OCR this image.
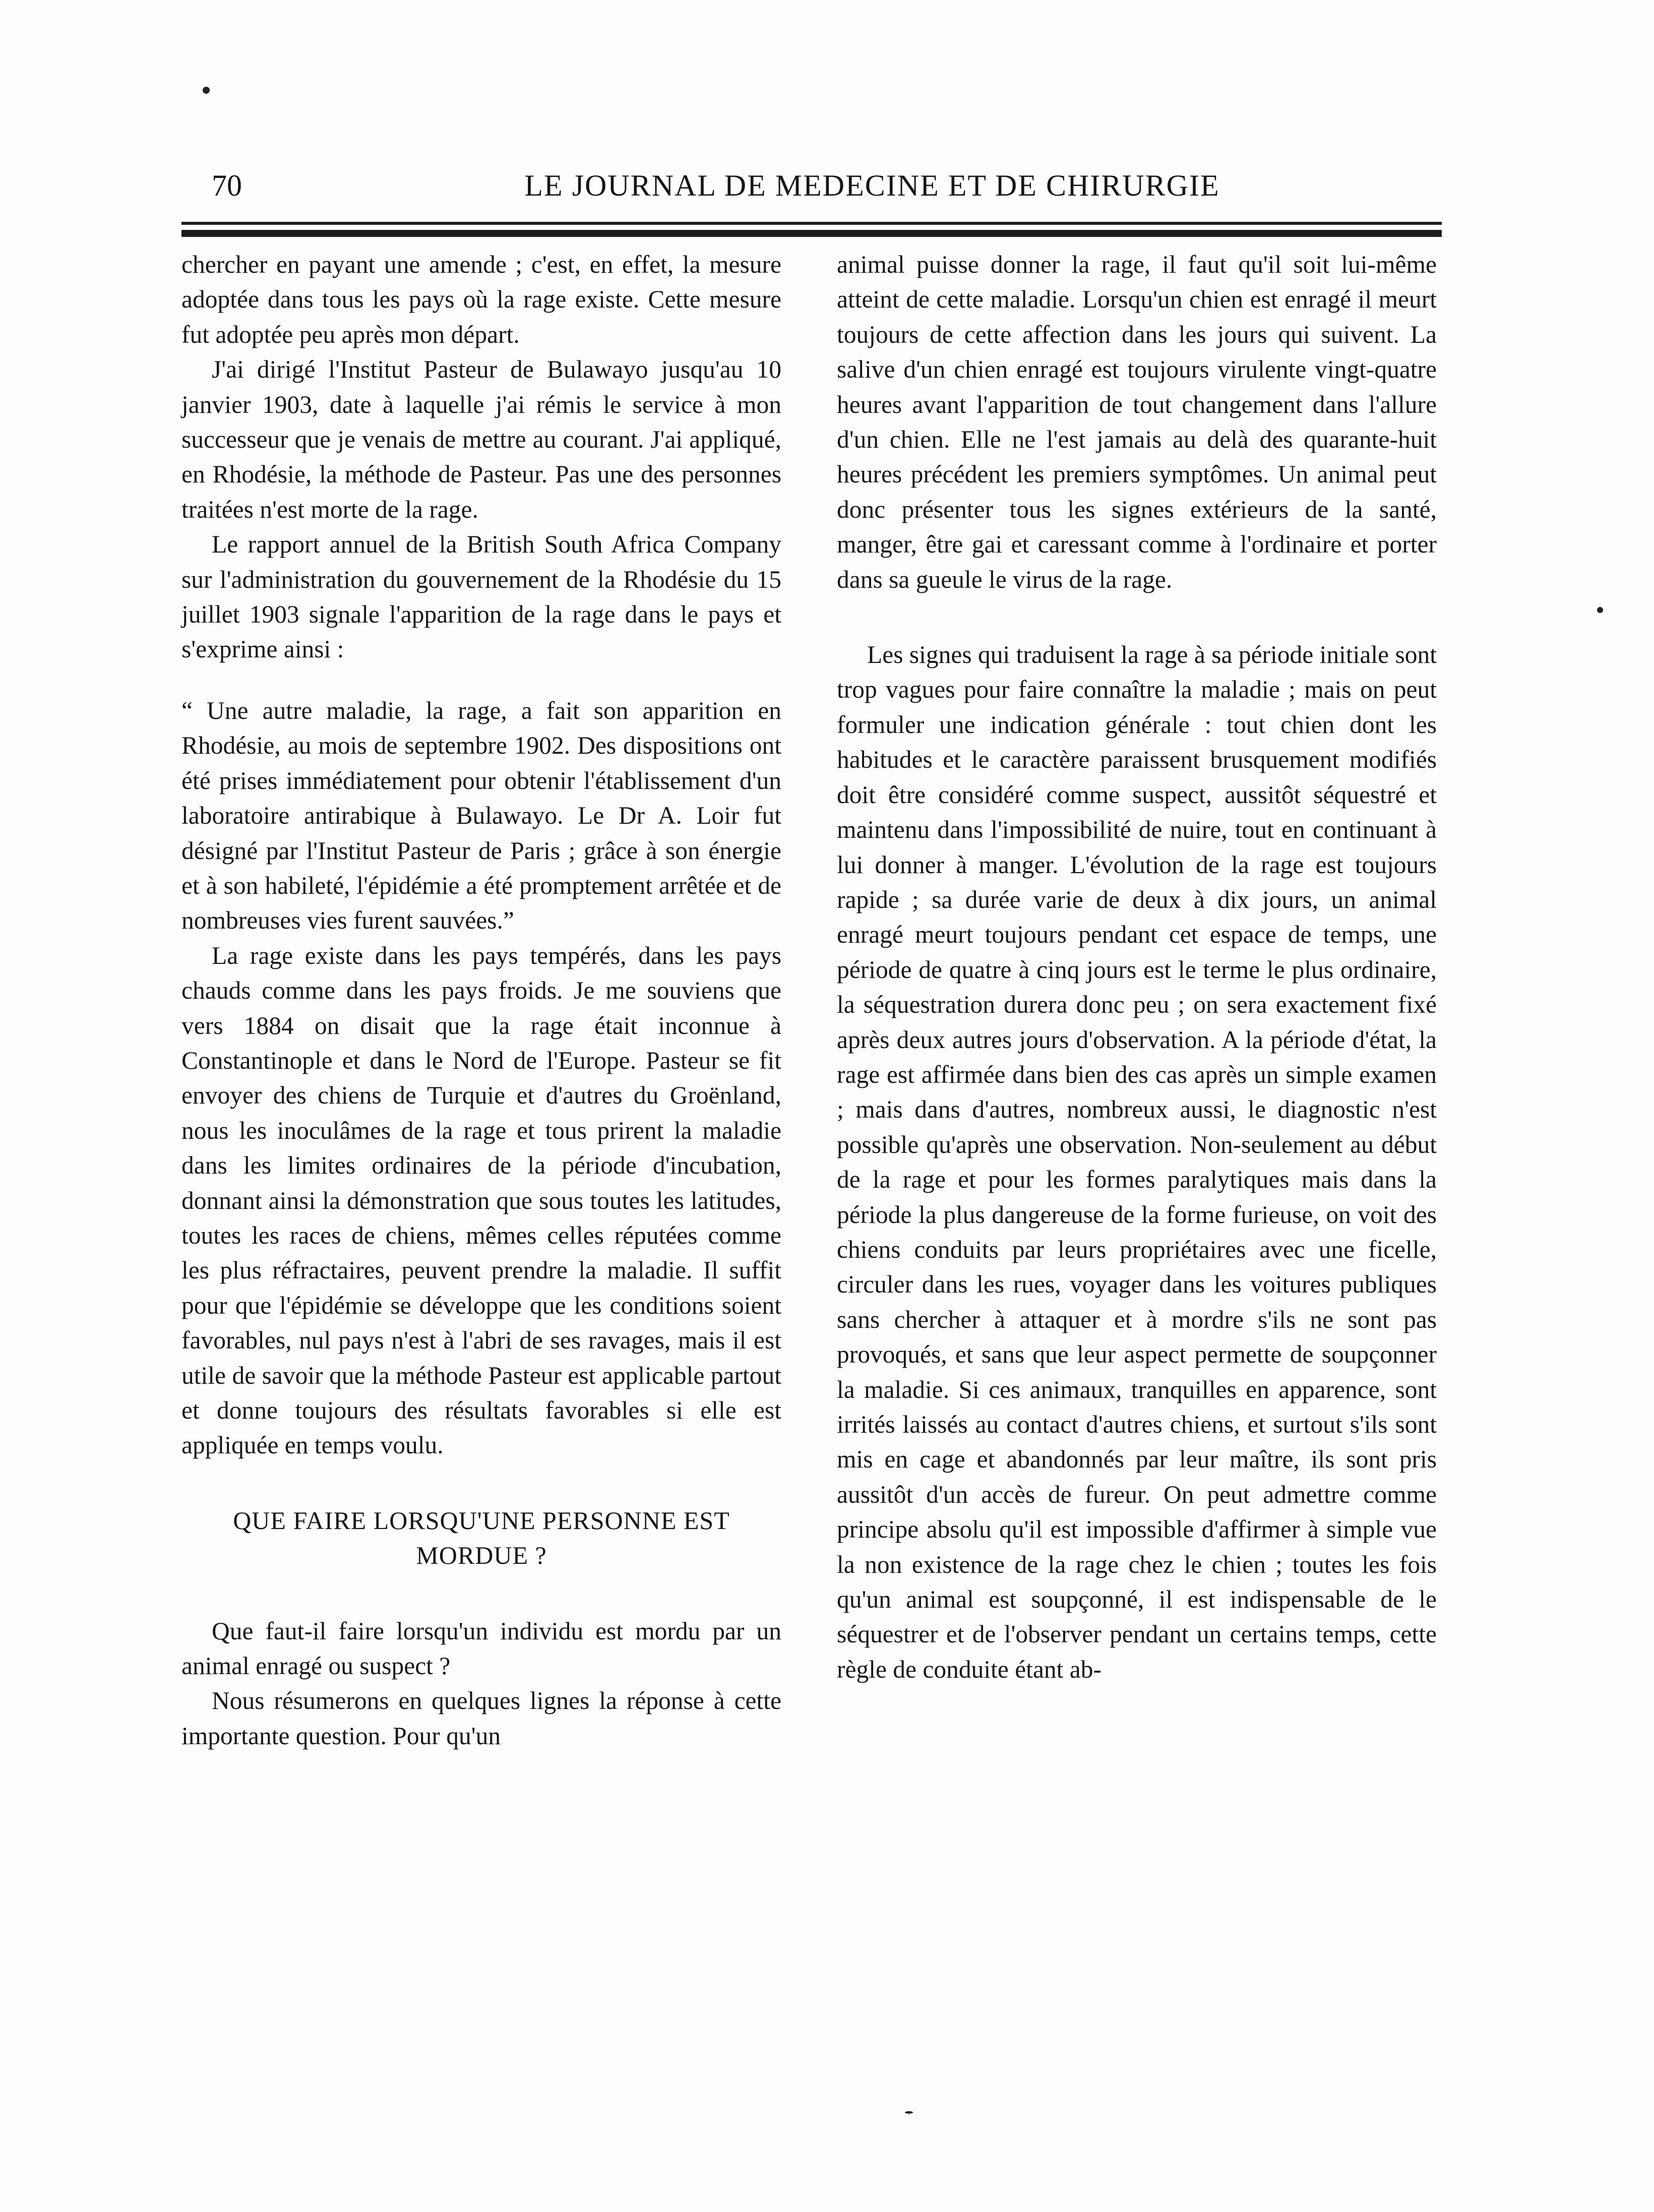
70	LE JOURNAL DE MEDECINE ET DE CHIRURGIE

chercher en payant une amende ; c'est, en effet, la mesure adoptée dans tous les pays où la rage existe. Cette mesure fut adoptée peu après mon départ.

J'ai dirigé l'Institut Pasteur de Bulawayo jusqu'au 10 janvier 1903, date à laquelle j'ai rémis le service à mon successeur que je venais de mettre au courant. J'ai appliqué, en Rhodésie, la méthode de Pasteur. Pas une des personnes traitées n'est morte de la rage.

Le rapport annuel de la British South Africa Company sur l'administration du gouvernement de la Rhodésie du 15 juillet 1903 signale l'apparition de la rage dans le pays et s'exprime ainsi :

“ Une autre maladie, la rage, a fait son apparition en Rhodésie, au mois de septembre 1902. Des dispositions ont été prises immédiatement pour obtenir l'établissement d'un laboratoire antirabique à Bulawayo. Le Dr A. Loir fut désigné par l'Institut Pasteur de Paris ; grâce à son énergie et à son habileté, l'épidémie a été promptement arrêtée et de nombreuses vies furent sauvées.”

La rage existe dans les pays tempérés, dans les pays chauds comme dans les pays froids. Je me souviens que vers 1884 on disait que la rage était inconnue à Constantinople et dans le Nord de l'Europe. Pasteur se fit envoyer des chiens de Turquie et d'autres du Groënland, nous les inoculâmes de la rage et tous prirent la maladie dans les limites ordinaires de la période d'incubation, donnant ainsi la démonstration que sous toutes les latitudes, toutes les races de chiens, mêmes celles réputées comme les plus réfractaires, peuvent prendre la maladie. Il suffit pour que l'épidémie se développe que les conditions soient favorables, nul pays n'est à l'abri de ses ravages, mais il est utile de savoir que la méthode Pasteur est applicable partout et donne toujours des résultats favorables si elle est appliquée en temps voulu.

QUE FAIRE LORSQU'UNE PERSONNE EST
MORDUE ?

Que faut-il faire lorsqu'un individu est mordu par un animal enragé ou suspect ?

Nous résumerons en quelques lignes la réponse à cette importante question. Pour qu'un

animal puisse donner la rage, il faut qu'il soit lui-même atteint de cette maladie. Lorsqu'un chien est enragé il meurt toujours de cette affection dans les jours qui suivent. La salive d'un chien enragé est toujours virulente vingt-quatre heures avant l'apparition de tout changement dans l'allure d'un chien. Elle ne l'est jamais au delà des quarante-huit heures précédent les premiers symptômes. Un animal peut donc présenter tous les signes extérieurs de la santé, manger, être gai et caressant comme à l'ordinaire et porter dans sa gueule le virus de la rage.

Les signes qui traduisent la rage à sa période initiale sont trop vagues pour faire connaître la maladie ; mais on peut formuler une indication générale : tout chien dont les habitudes et le caractère paraissent brusquement modifiés doit être considéré comme suspect, aussitôt séquestré et maintenu dans l'impossibilité de nuire, tout en continuant à lui donner à manger. L'évolution de la rage est toujours rapide ; sa durée varie de deux à dix jours, un animal enragé meurt toujours pendant cet espace de temps, une période de quatre à cinq jours est le terme le plus ordinaire, la séquestration durera donc peu ; on sera exactement fixé après deux autres jours d'observation. A la période d'état, la rage est affirmée dans bien des cas après un simple examen ; mais dans d'autres, nombreux aussi, le diagnostic n'est possible qu'après une observation. Non-seulement au début de la rage et pour les formes paralytiques mais dans la période la plus dangereuse de la forme furieuse, on voit des chiens conduits par leurs propriétaires avec une ficelle, circuler dans les rues, voyager dans les voitures publiques sans chercher à attaquer et à mordre s'ils ne sont pas provoqués, et sans que leur aspect permette de soupçonner la maladie. Si ces animaux, tranquilles en apparence, sont irrités laissés au contact d'autres chiens, et surtout s'ils sont mis en cage et abandonnés par leur maître, ils sont pris aussitôt d'un accès de fureur. On peut admettre comme principe absolu qu'il est impossible d'affirmer à simple vue la non existence de la rage chez le chien ; toutes les fois qu'un animal est soupçonné, il est indispensable de le séquestrer et de l'observer pendant un certains temps, cette règle de conduite étant ab-
